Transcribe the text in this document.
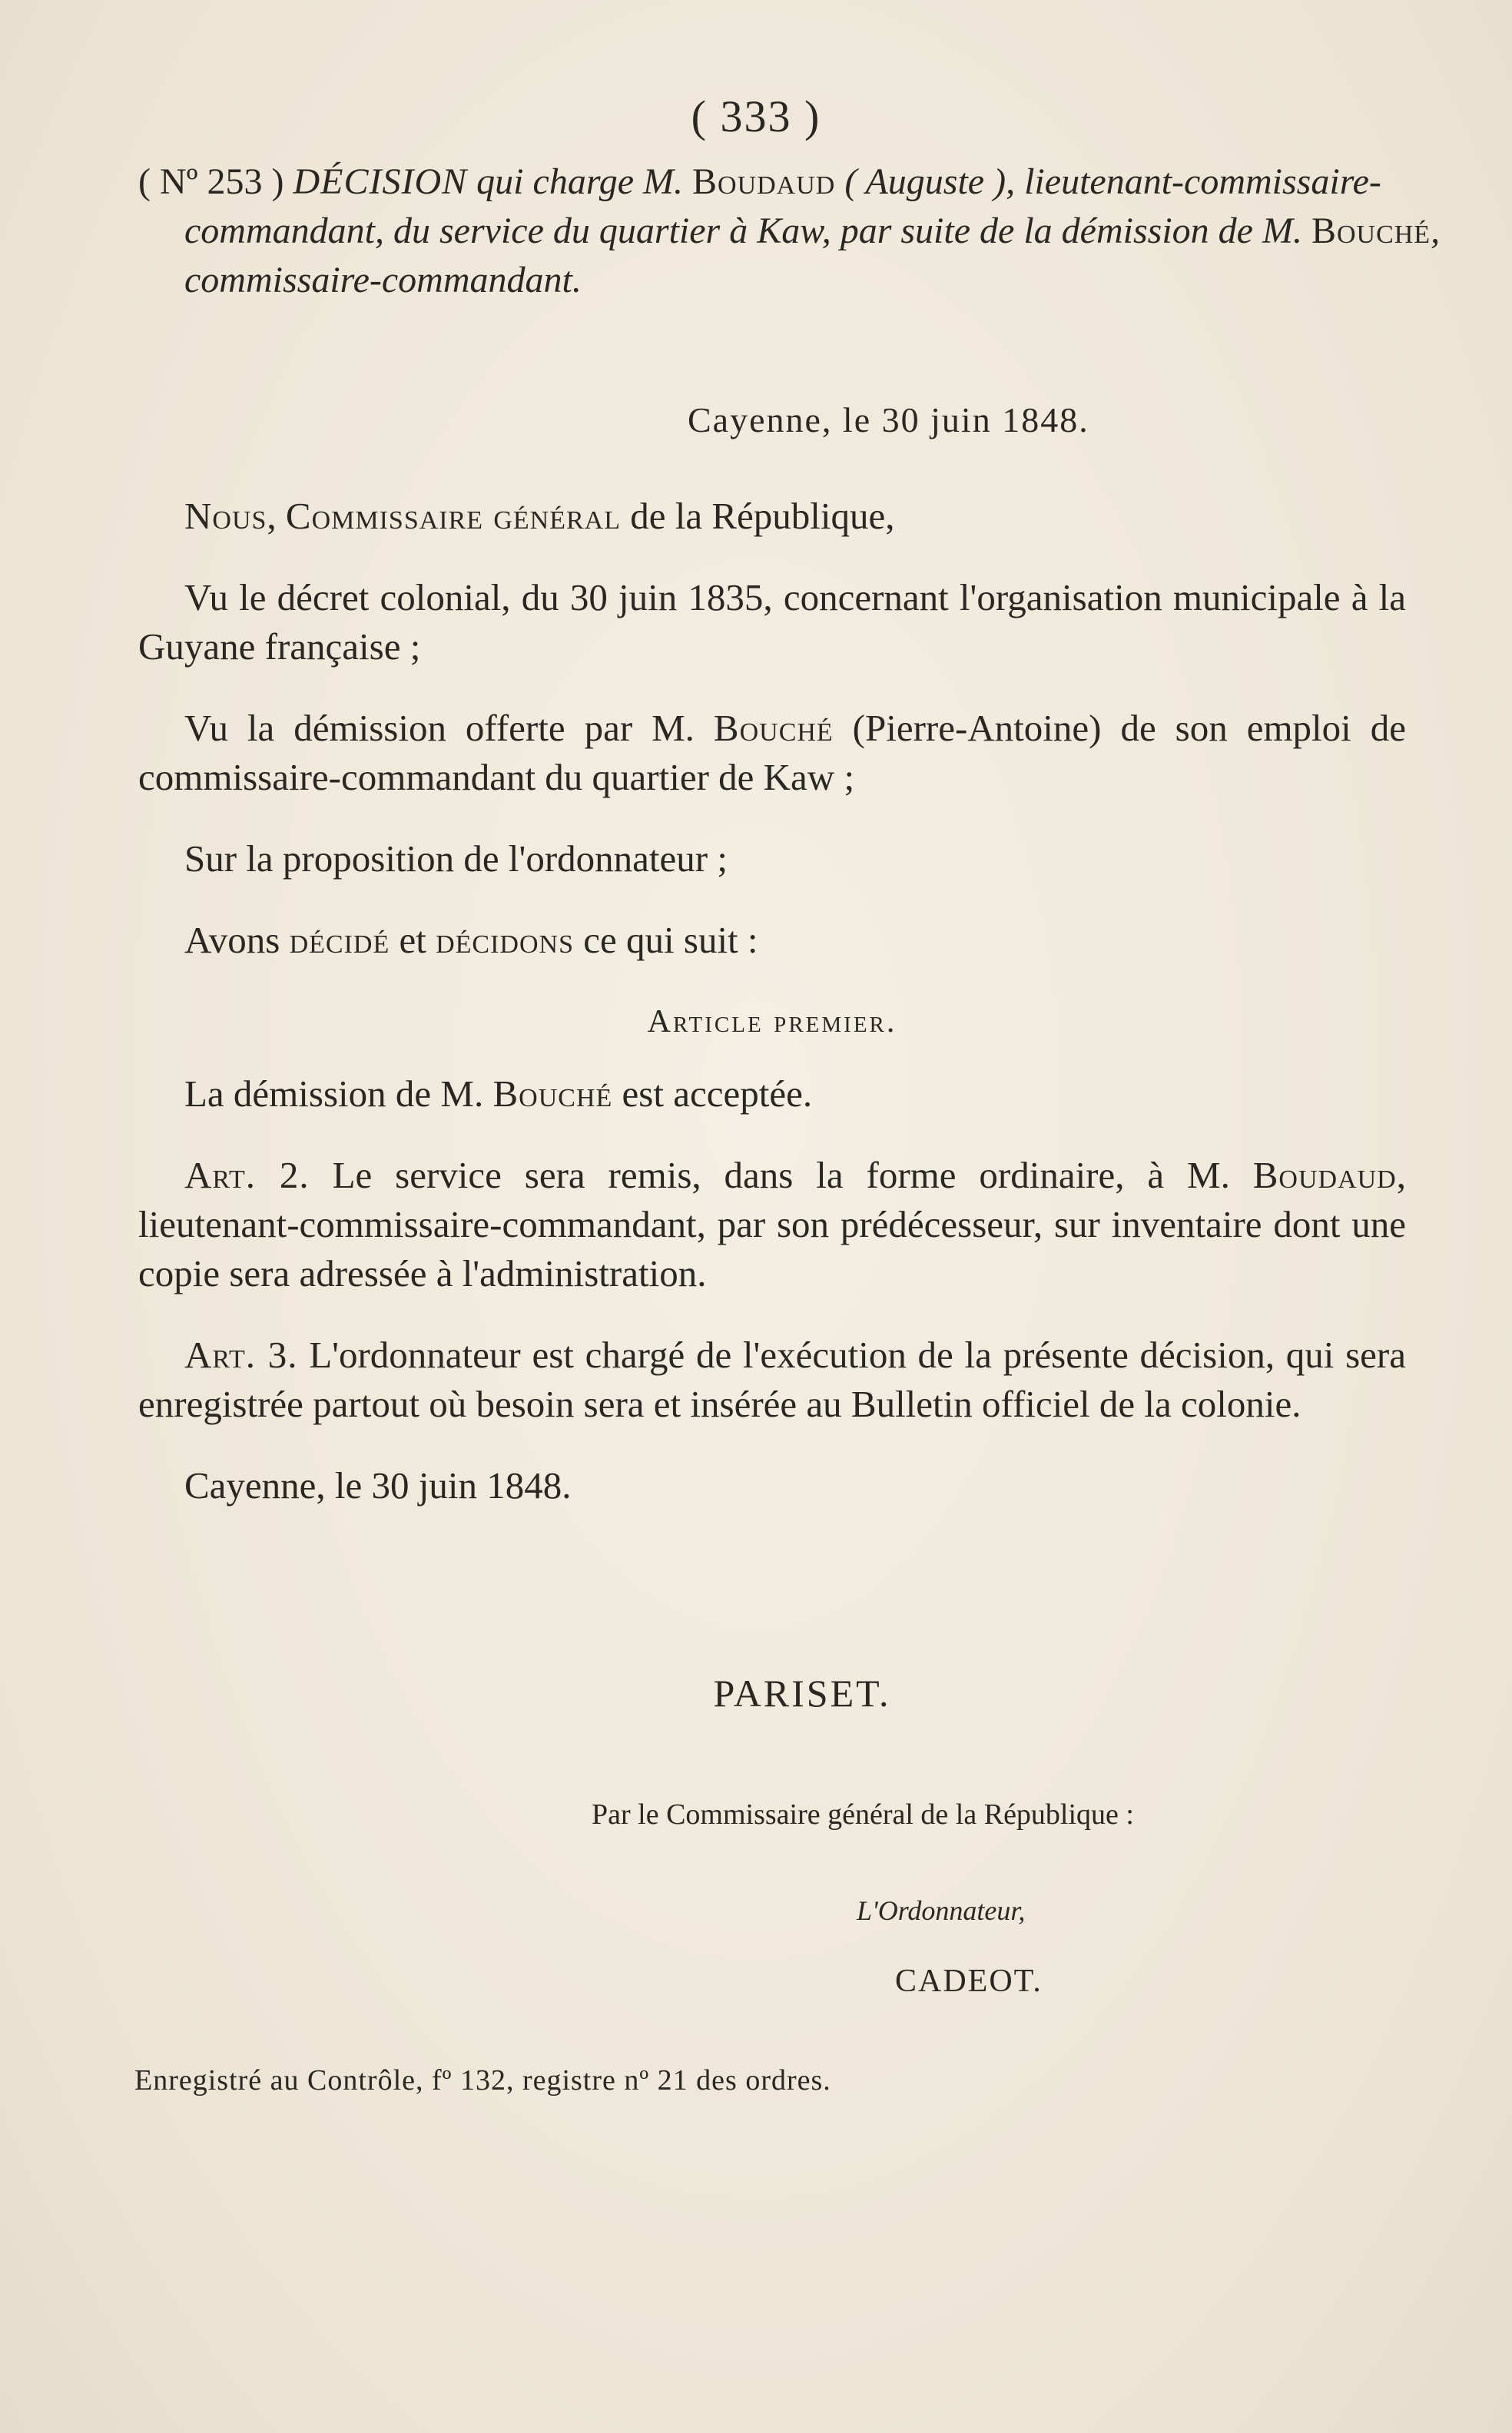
( 333 )
( Nº 253 ) DÉCISION qui charge M. Boudaud ( Auguste ), lieutenant-commissaire-commandant, du service du quartier à Kaw, par suite de la démission de M. Bouché, commissaire-commandant.
Cayenne, le 30 juin 1848.

Nous, Commissaire général de la République,

Vu le décret colonial, du 30 juin 1835, concernant l'organisation municipale à la Guyane française ;

Vu la démission offerte par M. Bouché (Pierre-Antoine) de son emploi de commissaire-commandant du quartier de Kaw ;

Sur la proposition de l'ordonnateur ;

Avons décidé et décidons ce qui suit :

Article premier.

La démission de M. Bouché est acceptée.

Art. 2. Le service sera remis, dans la forme ordinaire, à M. Boudaud, lieutenant-commissaire-commandant, par son prédécesseur, sur inventaire dont une copie sera adressée à l'administration.

Art. 3. L'ordonnateur est chargé de l'exécution de la présente décision, qui sera enregistrée partout où besoin sera et insérée au Bulletin officiel de la colonie.

Cayenne, le 30 juin 1848.

PARISET.
Par le Commissaire général de la République :
L'Ordonnateur,
CADEOT.
Enregistré au Contrôle, fº 132, registre nº 21 des ordres.
